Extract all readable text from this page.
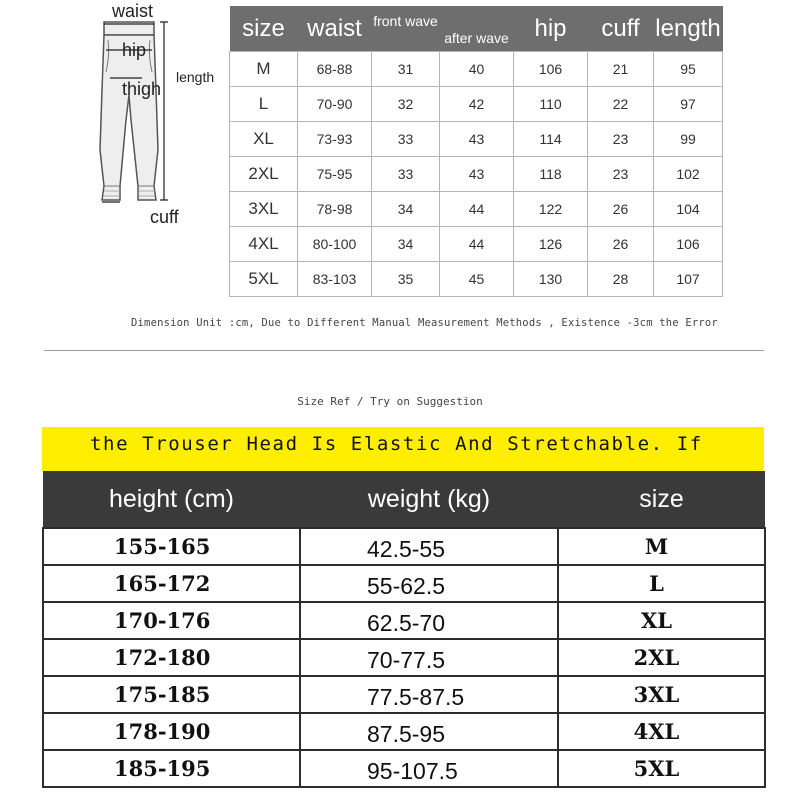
waist
hip
thigh
length
cuff
size	waist	front wave	after wave	hip	cuff	length
M	68-88	31	40	106	21	95
L	70-90	32	42	110	22	97
XL	73-93	33	43	114	23	99
2XL	75-95	33	43	118	23	102
3XL	78-98	34	44	122	26	104
4XL	80-100	34	44	126	26	106
5XL	83-103	35	45	130	28	107
Dimension Unit :cm, Due to Different Manual Measurement Methods , Existence -3cm the Error
Size Ref / Try on Suggestion
the Trouser Head Is Elastic And Stretchable. If
height (cm)	weight (kg)	size
155-165	42.5-55	M
165-172	55-62.5	L
170-176	62.5-70	XL
172-180	70-77.5	2XL
175-185	77.5-87.5	3XL
178-190	87.5-95	4XL
185-195	95-107.5	5XL
